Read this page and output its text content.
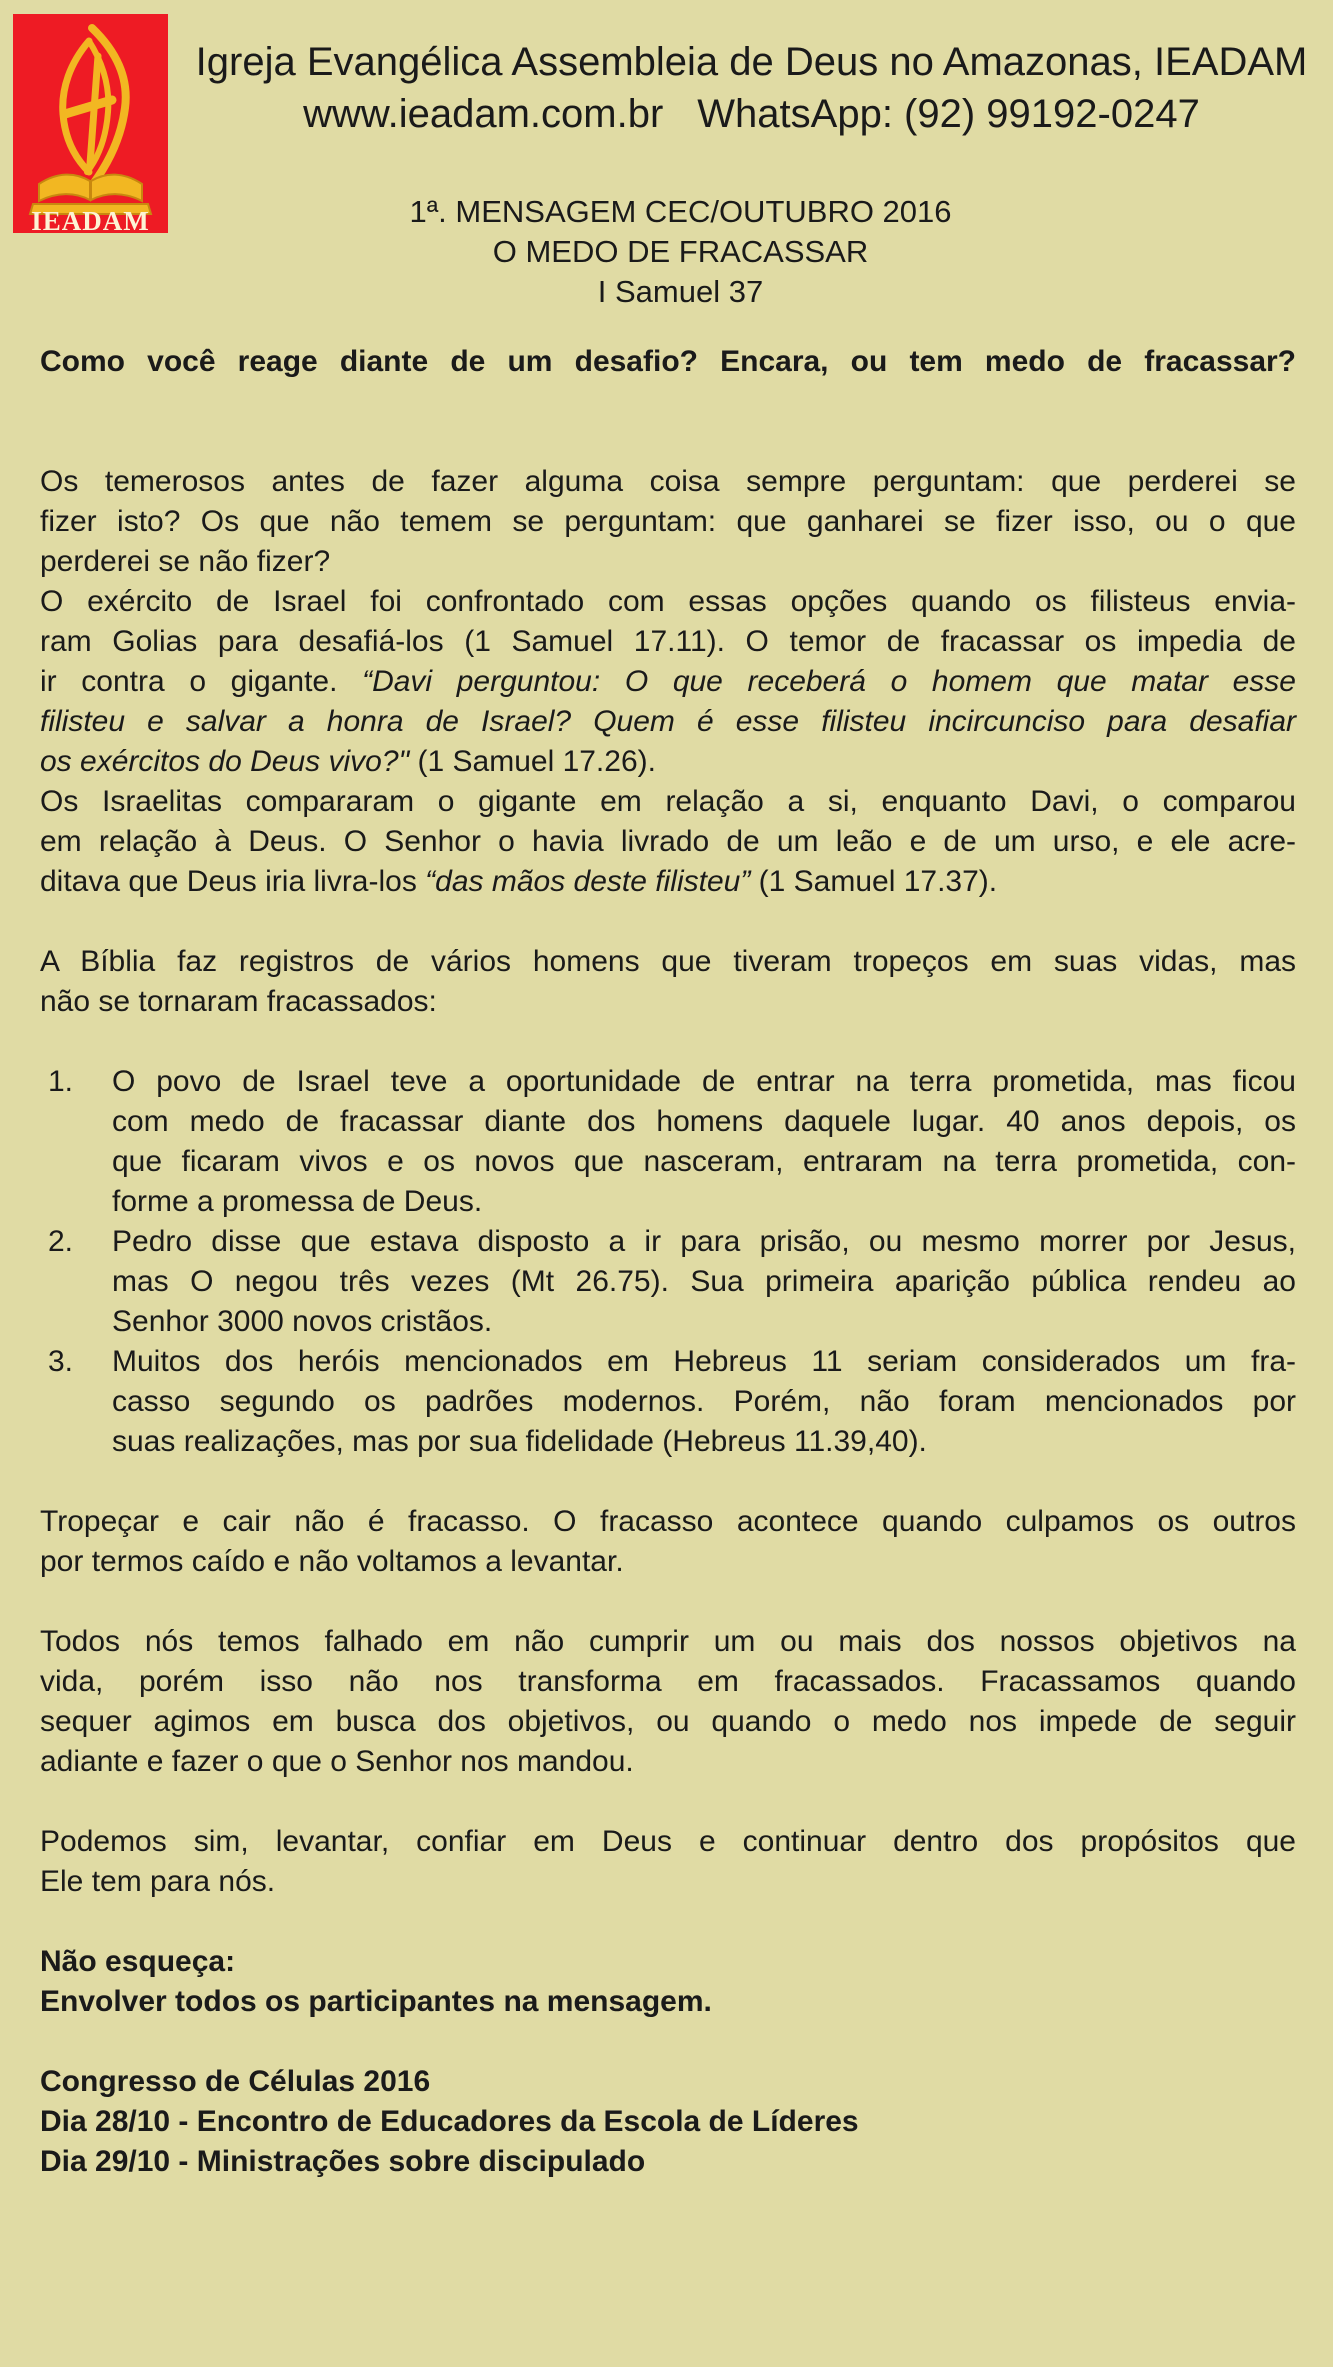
IEADAM
Igreja Evangélica Assembleia de Deus no Amazonas, IEADAM
www.ieadam.com.br WhatsApp: (92) 99192-0247
1ª. MENSAGEM CEC/OUTUBRO 2016
O MEDO DE FRACASSAR
I Samuel 37
Como você reage diante de um desafio? Encara, ou tem medo de fracassar?
Os temerosos antes de fazer alguma coisa sempre perguntam: que perderei se
fizer isto? Os que não temem se perguntam: que ganharei se fizer isso, ou o que
perderei se não fizer?
O exército de Israel foi confrontado com essas opções quando os filisteus envia-
ram Golias para desafiá-los (1 Samuel 17.11). O temor de fracassar os impedia de
ir contra o gigante. “Davi perguntou: O que receberá o homem que matar esse
filisteu e salvar a honra de Israel? Quem é esse filisteu incircunciso para desafiar
os exércitos do Deus vivo?" (1 Samuel 17.26).
Os Israelitas compararam o gigante em relação a si, enquanto Davi, o comparou
em relação à Deus. O Senhor o havia livrado de um leão e de um urso, e ele acre-
ditava que Deus iria livra-los “das mãos deste filisteu” (1 Samuel 17.37).
A Bíblia faz registros de vários homens que tiveram tropeços em suas vidas, mas
não se tornaram fracassados:
1. O povo de Israel teve a oportunidade de entrar na terra prometida, mas ficou
com medo de fracassar diante dos homens daquele lugar. 40 anos depois, os
que ficaram vivos e os novos que nasceram, entraram na terra prometida, con-
forme a promessa de Deus.
2. Pedro disse que estava disposto a ir para prisão, ou mesmo morrer por Jesus,
mas O negou três vezes (Mt 26.75). Sua primeira aparição pública rendeu ao
Senhor 3000 novos cristãos.
3. Muitos dos heróis mencionados em Hebreus 11 seriam considerados um fra-
casso segundo os padrões modernos. Porém, não foram mencionados por
suas realizações, mas por sua fidelidade (Hebreus 11.39,40).
Tropeçar e cair não é fracasso. O fracasso acontece quando culpamos os outros
por termos caído e não voltamos a levantar.
Todos nós temos falhado em não cumprir um ou mais dos nossos objetivos na
vida, porém isso não nos transforma em fracassados. Fracassamos quando
sequer agimos em busca dos objetivos, ou quando o medo nos impede de seguir
adiante e fazer o que o Senhor nos mandou.
Podemos sim, levantar, confiar em Deus e continuar dentro dos propósitos que
Ele tem para nós.
Não esqueça:
Envolver todos os participantes na mensagem.
Congresso de Células 2016
Dia 28/10 - Encontro de Educadores da Escola de Líderes
Dia 29/10 - Ministrações sobre discipulado
